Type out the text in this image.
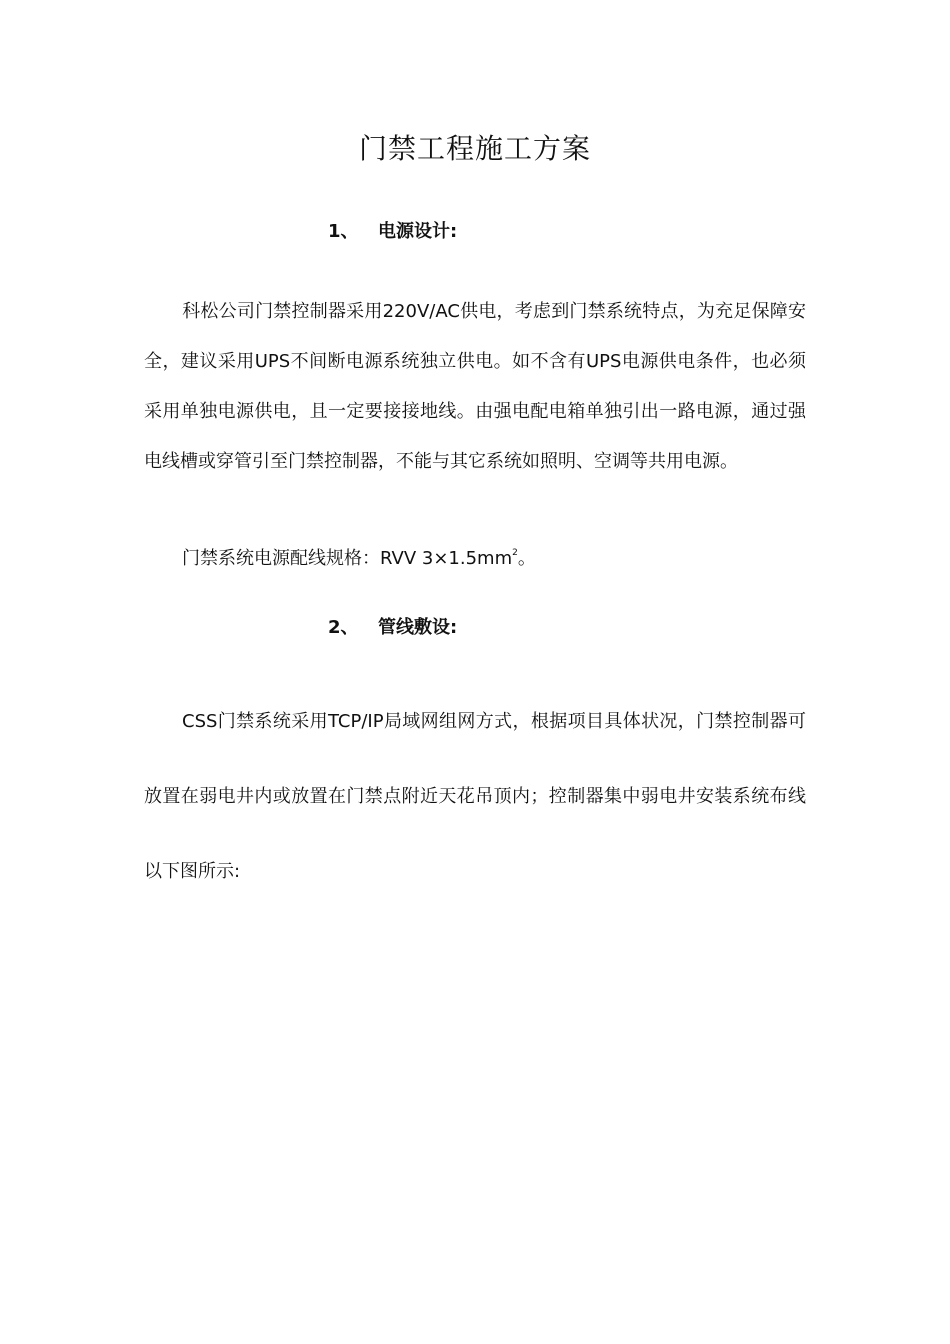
门禁工程施工方案
1、 电源设计:

科松公司门禁控制器采用220V/AC供电，考虑到门禁系统特点，为充足保障安全，建议采用UPS不间断电源系统独立供电。如不含有UPS电源供电条件，也必须采用单独电源供电，且一定要接接地线。由强电配电箱单独引出一路电源，通过强电线槽或穿管引至门禁控制器，不能与其它系统如照明、空调等共用电源。

门禁系统电源配线规格：RVV $3\times 1.5mm^2$。

2、 管线敷设:

CSS门禁系统采用TCP/IP局域网组网方式，根据项目具体状况，门禁控制器可放置在弱电井内或放置在门禁点附近天花吊顶内；控制器集中弱电井安装系统布线以下图所示:
